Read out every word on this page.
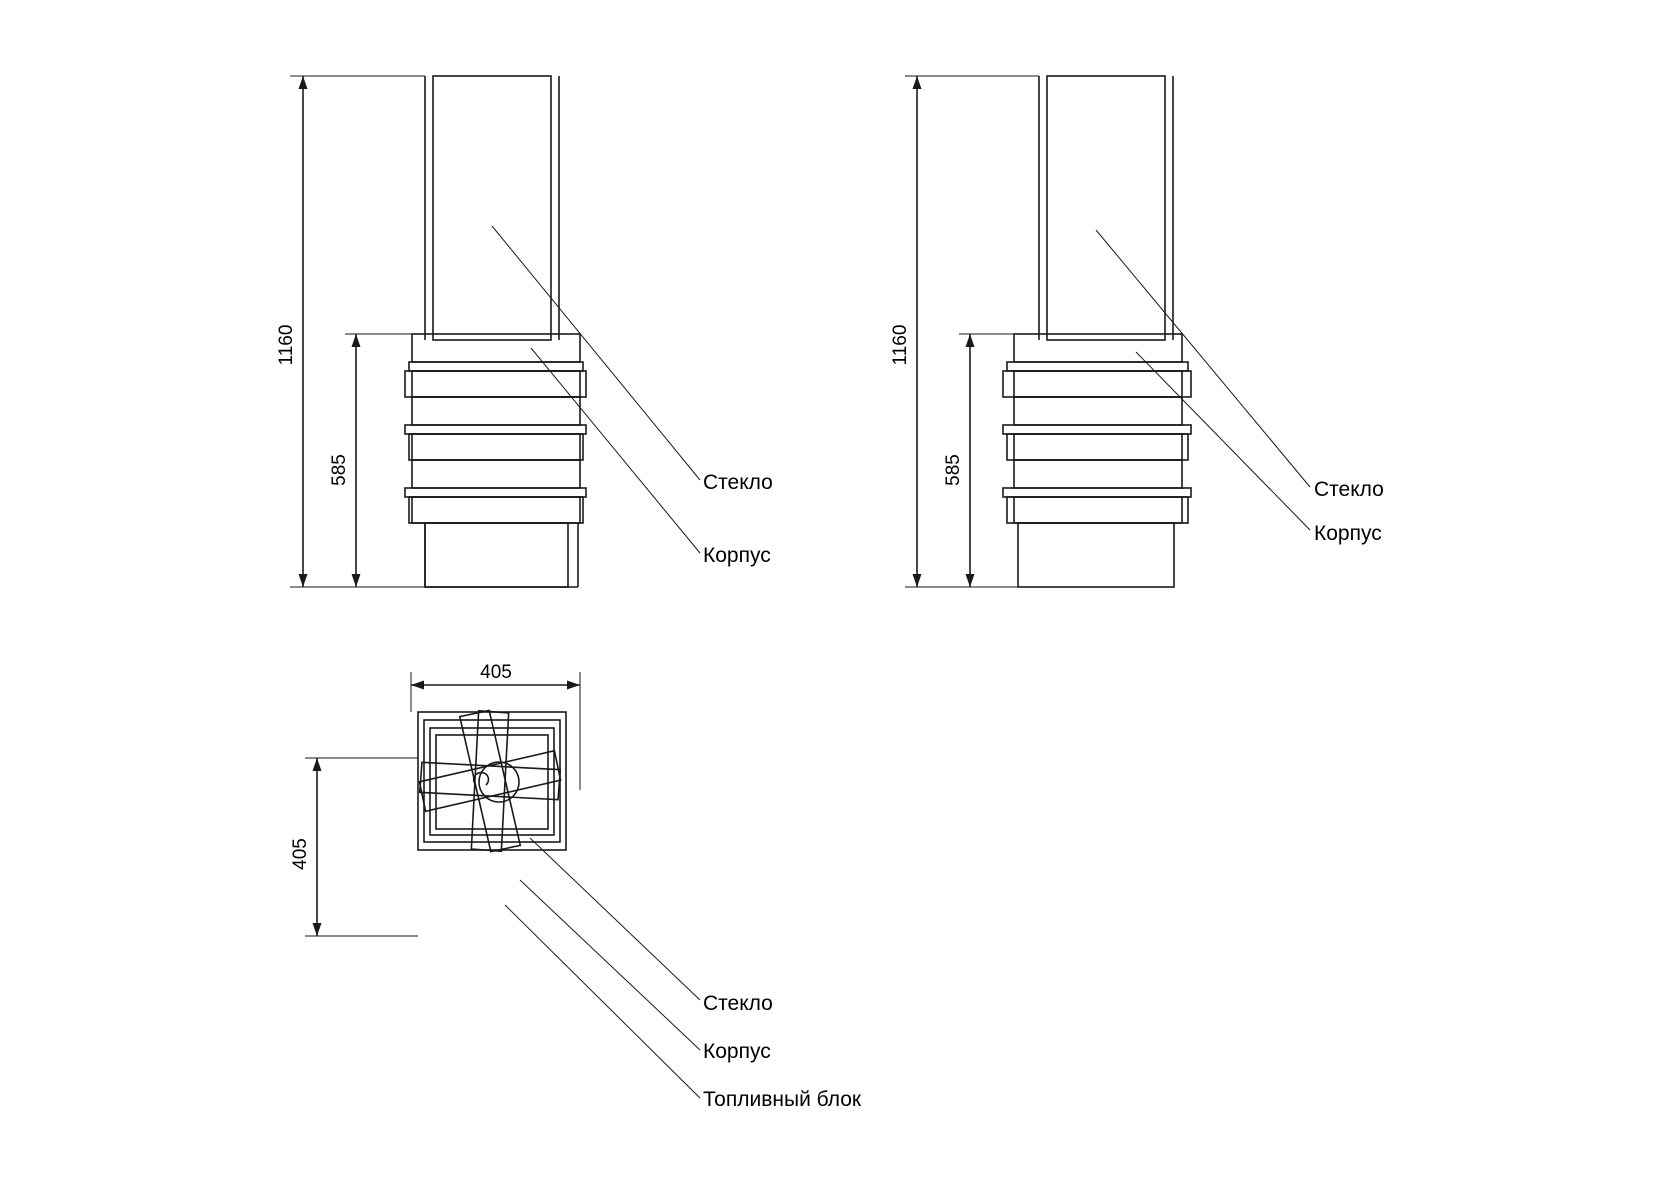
1160
585	Стекло
Корпус
1160
585
Стекло
Корпус
405
405
Стекло
Корпус
Топливный блок
